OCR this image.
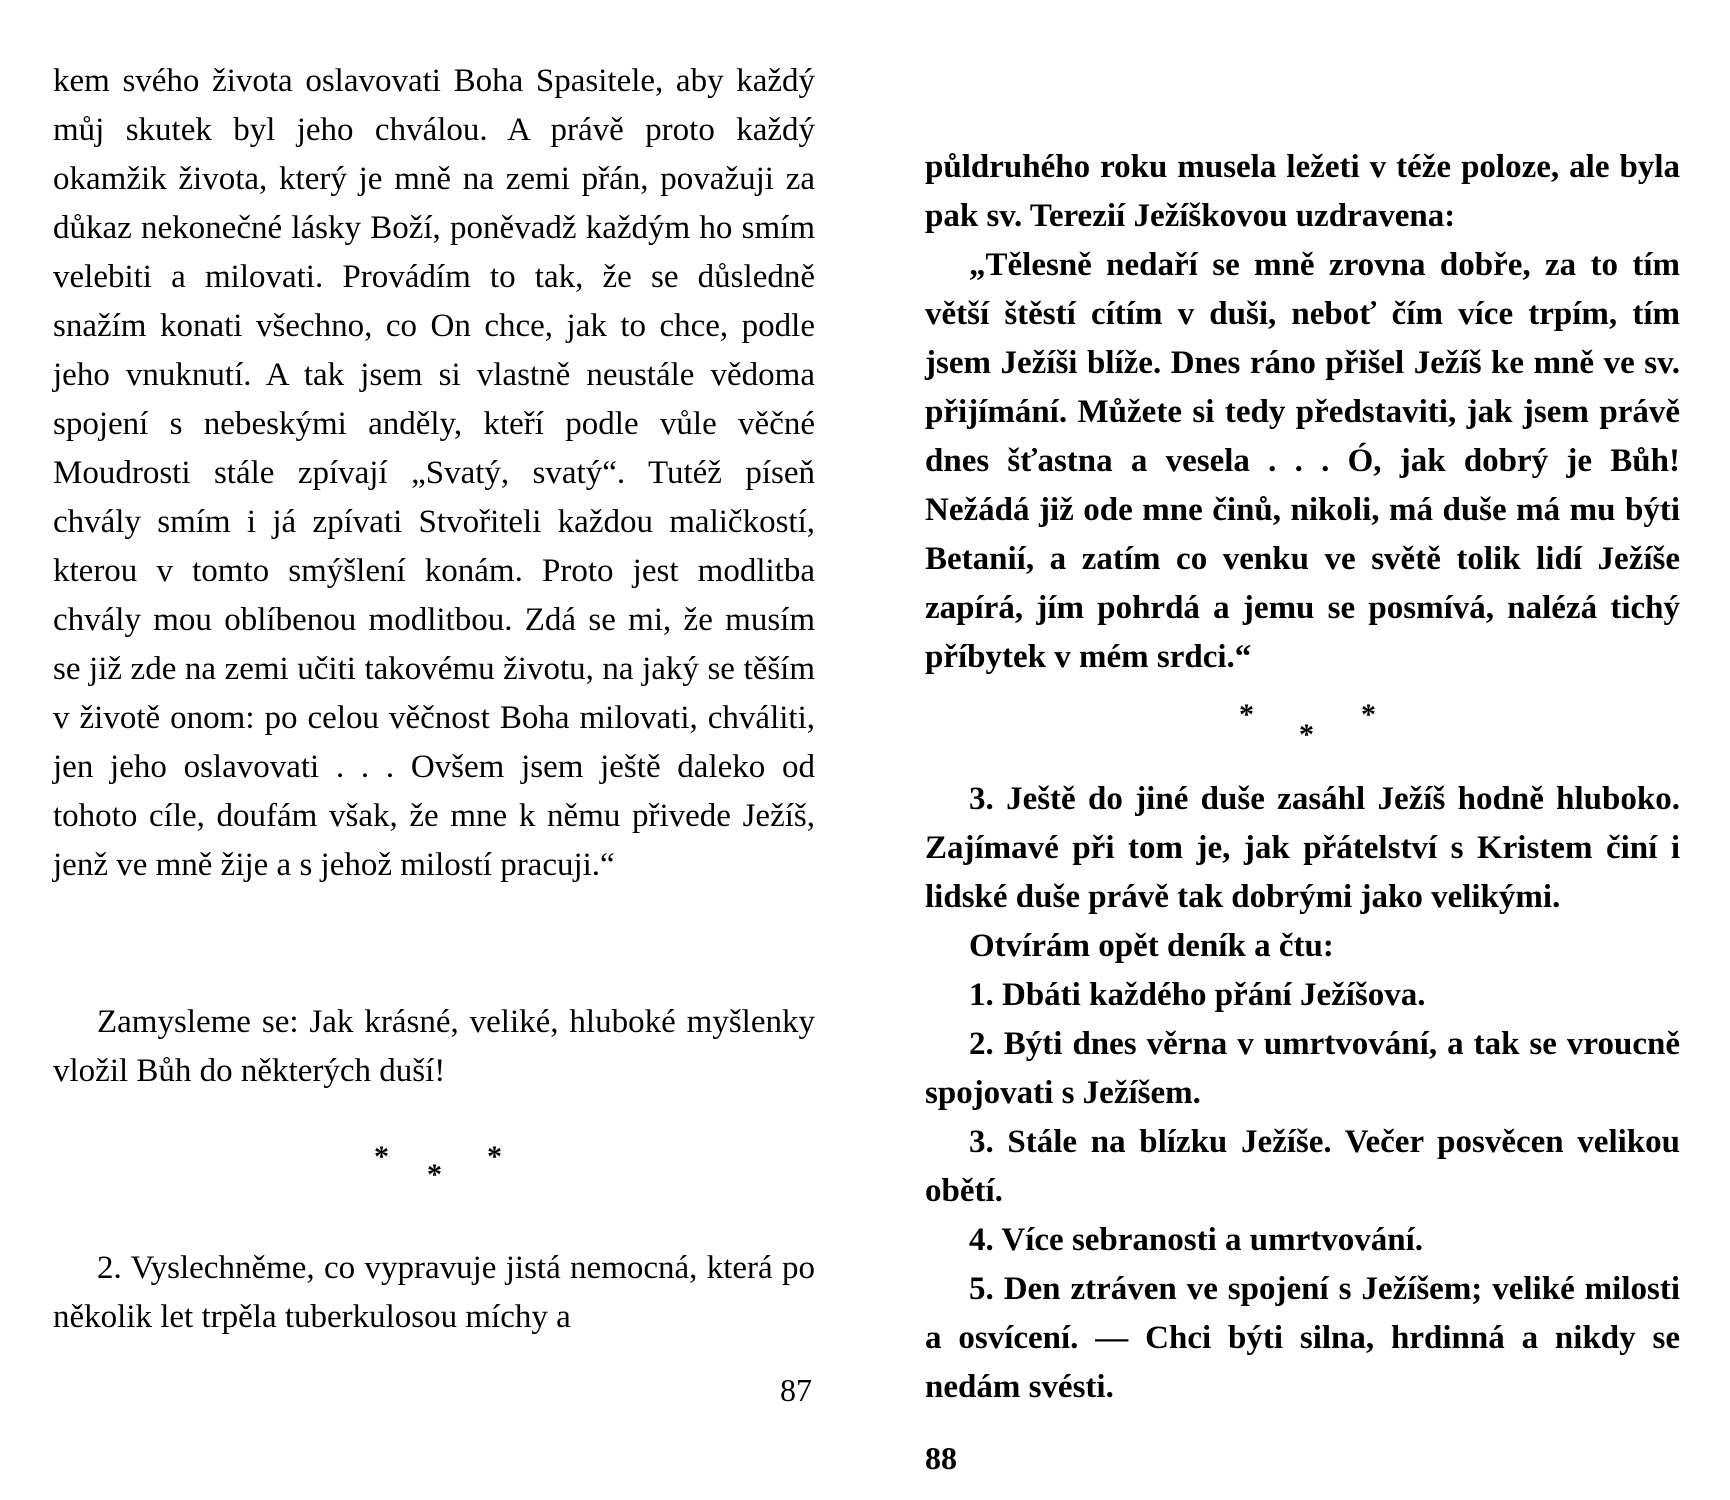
kem svého života oslavovati Boha Spasitele, aby každý můj skutek byl jeho chválou. A právě proto každý okamžik života, který je mně na zemi přán, považuji za důkaz nekonečné lásky Boží, poněvadž každým ho smím velebiti a milovati. Provádím to tak, že se důsledně snažím konati všechno, co On chce, jak to chce, podle jeho vnuknutí. A tak jsem si vlastně neustále vědoma spojení s nebeskými anděly, kteří podle vůle věčné Moudrosti stále zpívají „Svatý, svatý“. Tutéž píseň chvály smím i já zpívati Stvořiteli každou maličkostí, kterou v tomto smýšlení konám. Proto jest modlitba chvály mou oblíbenou modlitbou. Zdá se mi, že musím se již zde na zemi učiti takovému životu, na jaký se těším v životě onom: po celou věčnost Boha milovati, chváliti, jen jeho oslavovati . . . Ovšem jsem ještě daleko od tohoto cíle, doufám však, že mne k němu přivede Ježíš, jenž ve mně žije a s jehož milostí pracuji.“

Zamysleme se: Jak krásné, veliké, hluboké myšlenky vložil Bůh do některých duší!

*
*
*

2. Vyslechněme, co vypravuje jistá nemocná, která po několik let trpěla tuberkulosou míchy a

87

půldruhého roku musela ležeti v téže poloze, ale byla pak sv. Terezií Ježíškovou uzdravena:

„Tělesně nedaří se mně zrovna dobře, za to tím větší štěstí cítím v duši, neboť čím více trpím, tím jsem Ježíši blíže. Dnes ráno přišel Ježíš ke mně ve sv. přijímání. Můžete si tedy představiti, jak jsem právě dnes šťastna a vesela . . . Ó, jak dobrý je Bůh! Nežádá již ode mne činů, nikoli, má duše má mu býti Betanií, a zatím co venku ve světě tolik lidí Ježíše zapírá, jím pohrdá a jemu se posmívá, nalézá tichý příbytek v mém srdci.“

*
*
*

3. Ještě do jiné duše zasáhl Ježíš hodně hluboko. Zajímavé při tom je, jak přátelství s Kristem činí i lidské duše právě tak dobrými jako velikými.

Otvírám opět deník a čtu:

1. Dbáti každého přání Ježíšova.

2. Býti dnes věrna v umrtvování, a tak se vroucně spojovati s Ježíšem.

3. Stále na blízku Ježíše. Večer posvěcen velikou obětí.

4. Více sebranosti a umrtvování.

5. Den ztráven ve spojení s Ježíšem; veliké milosti a osvícení. — Chci býti silna, hrdinná a nikdy se nedám svésti.

88
